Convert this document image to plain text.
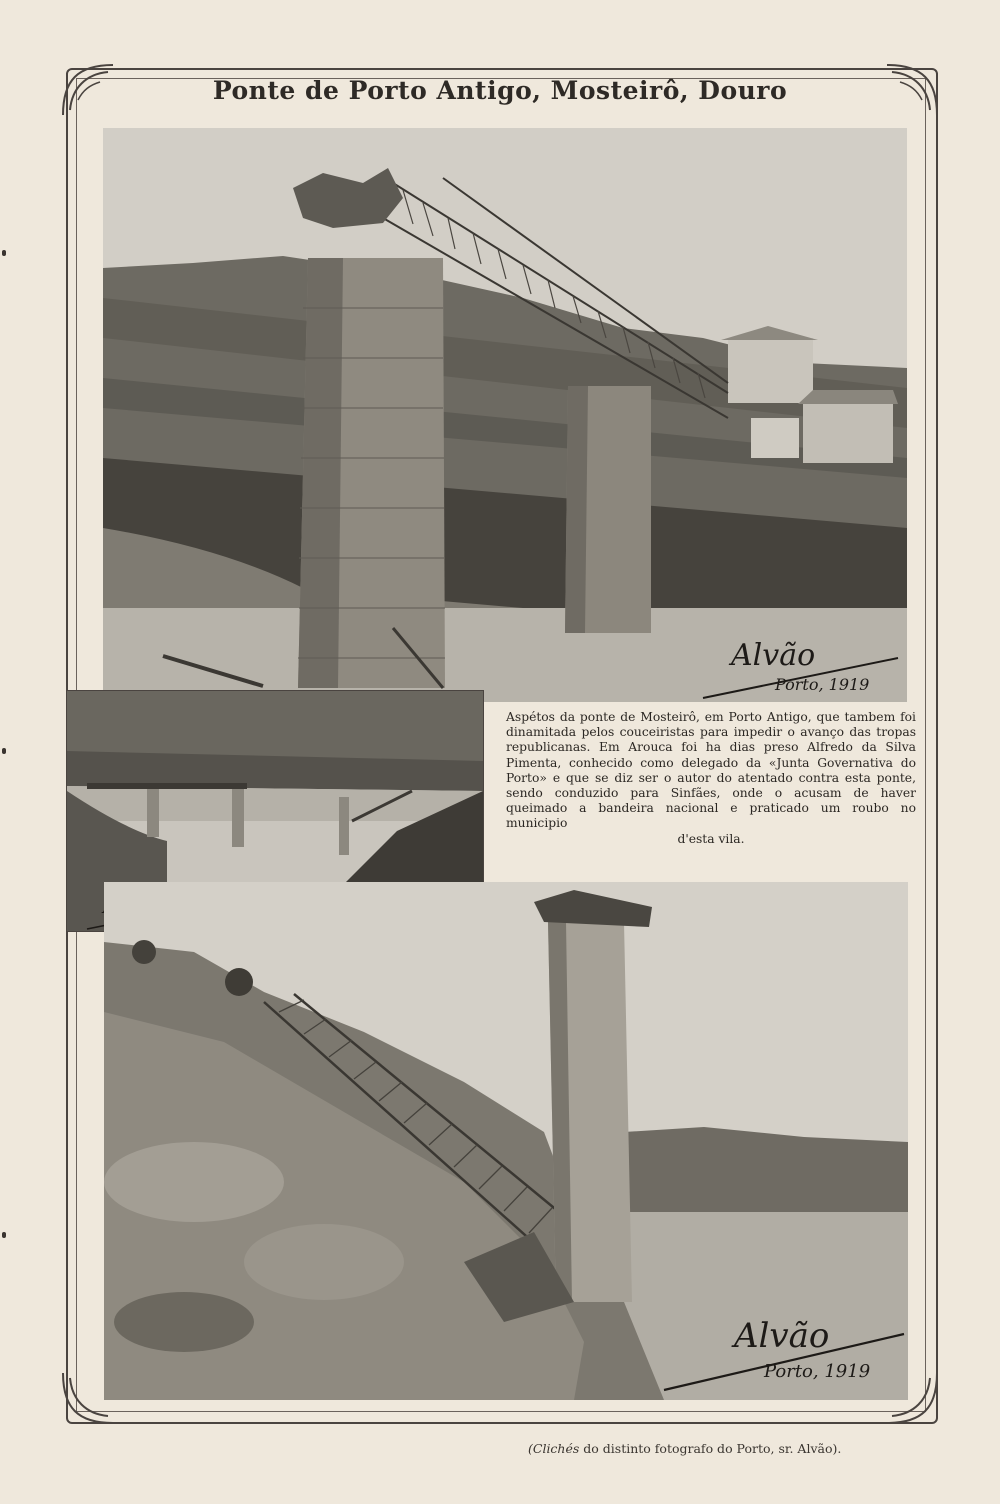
Ponte de Porto Antigo, Mosteirô, Douro
Alvão
Porto, 1919
Aspétos da ponte de Mosteirô, em Porto Antigo, que tambem foi dinamitada pelos couceiristas para impedir o avanço das tropas republicanas. Em Arouca foi ha dias preso Alfredo da Silva Pimenta, conhecido como delegado da «Junta Governativa do Porto» e que se diz ser o autor do atentado contra esta ponte, sendo conduzido para Sinfães, onde o acusam de haver queimado a bandeira nacional e praticado um roubo no municipio
d'esta vila.
Alvão
Porto, 1919
(Clichés do distinto fotografo do Porto, sr. Alvão).
